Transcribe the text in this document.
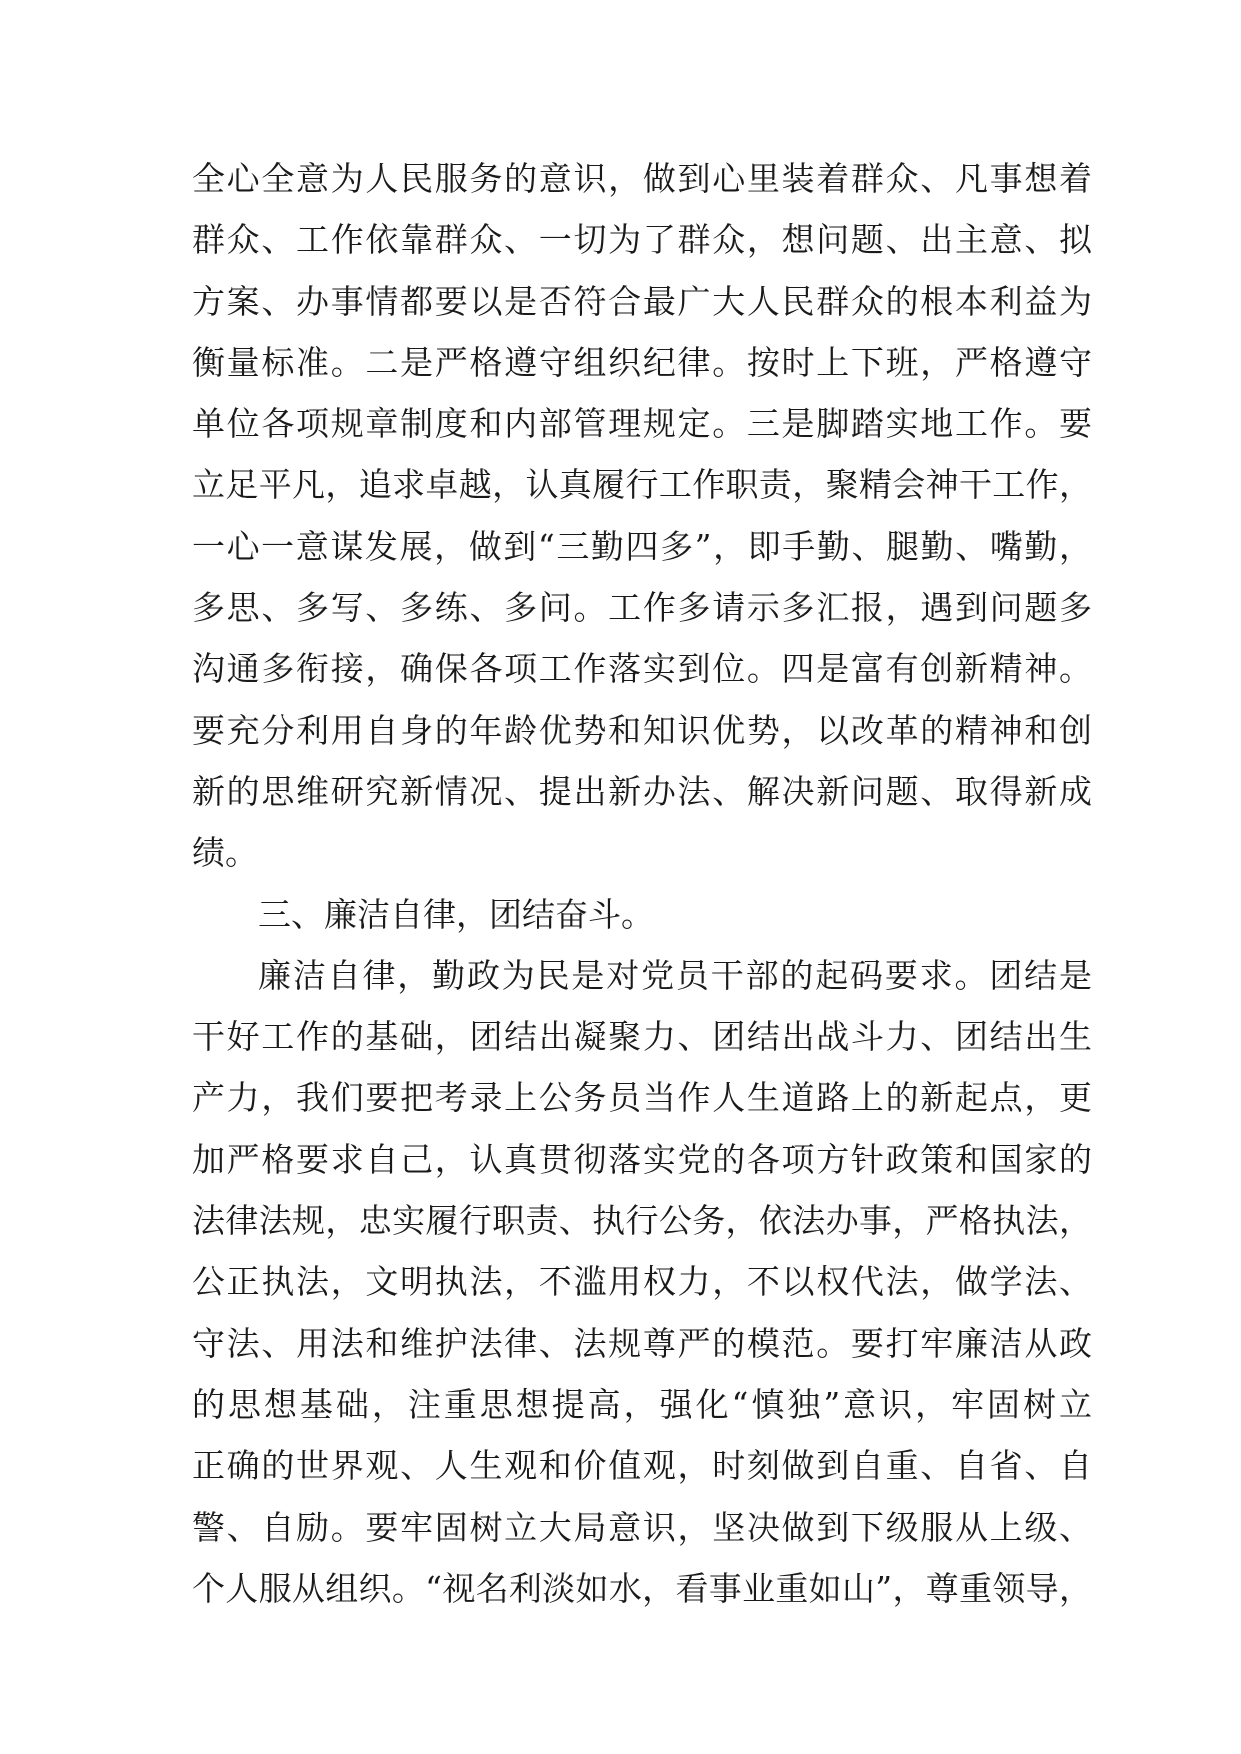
全心全意为人民服务的意识，做到心里装着群众、凡事想着
群众、工作依靠群众、一切为了群众，想问题、出主意、拟
方案、办事情都要以是否符合最广大人民群众的根本利益为
衡量标准。二是严格遵守组织纪律。按时上下班，严格遵守
单位各项规章制度和内部管理规定。三是脚踏实地工作。要
立足平凡，追求卓越，认真履行工作职责，聚精会神干工作，
一心一意谋发展，做到“三勤四多”，即手勤、腿勤、嘴勤，
多思、多写、多练、多问。工作多请示多汇报，遇到问题多
沟通多衔接，确保各项工作落实到位。四是富有创新精神。
要充分利用自身的年龄优势和知识优势，以改革的精神和创
新的思维研究新情况、提出新办法、解决新问题、取得新成
绩。
三、廉洁自律，团结奋斗。
廉洁自律，勤政为民是对党员干部的起码要求。团结是
干好工作的基础，团结出凝聚力、团结出战斗力、团结出生
产力，我们要把考录上公务员当作人生道路上的新起点，更
加严格要求自己，认真贯彻落实党的各项方针政策和国家的
法律法规，忠实履行职责、执行公务，依法办事，严格执法，
公正执法，文明执法，不滥用权力，不以权代法，做学法、
守法、用法和维护法律、法规尊严的模范。要打牢廉洁从政
的思想基础，注重思想提高，强化“慎独”意识，牢固树立
正确的世界观、人生观和价值观，时刻做到自重、自省、自
警、自励。要牢固树立大局意识，坚决做到下级服从上级、
个人服从组织。“视名利淡如水，看事业重如山”，尊重领导，
